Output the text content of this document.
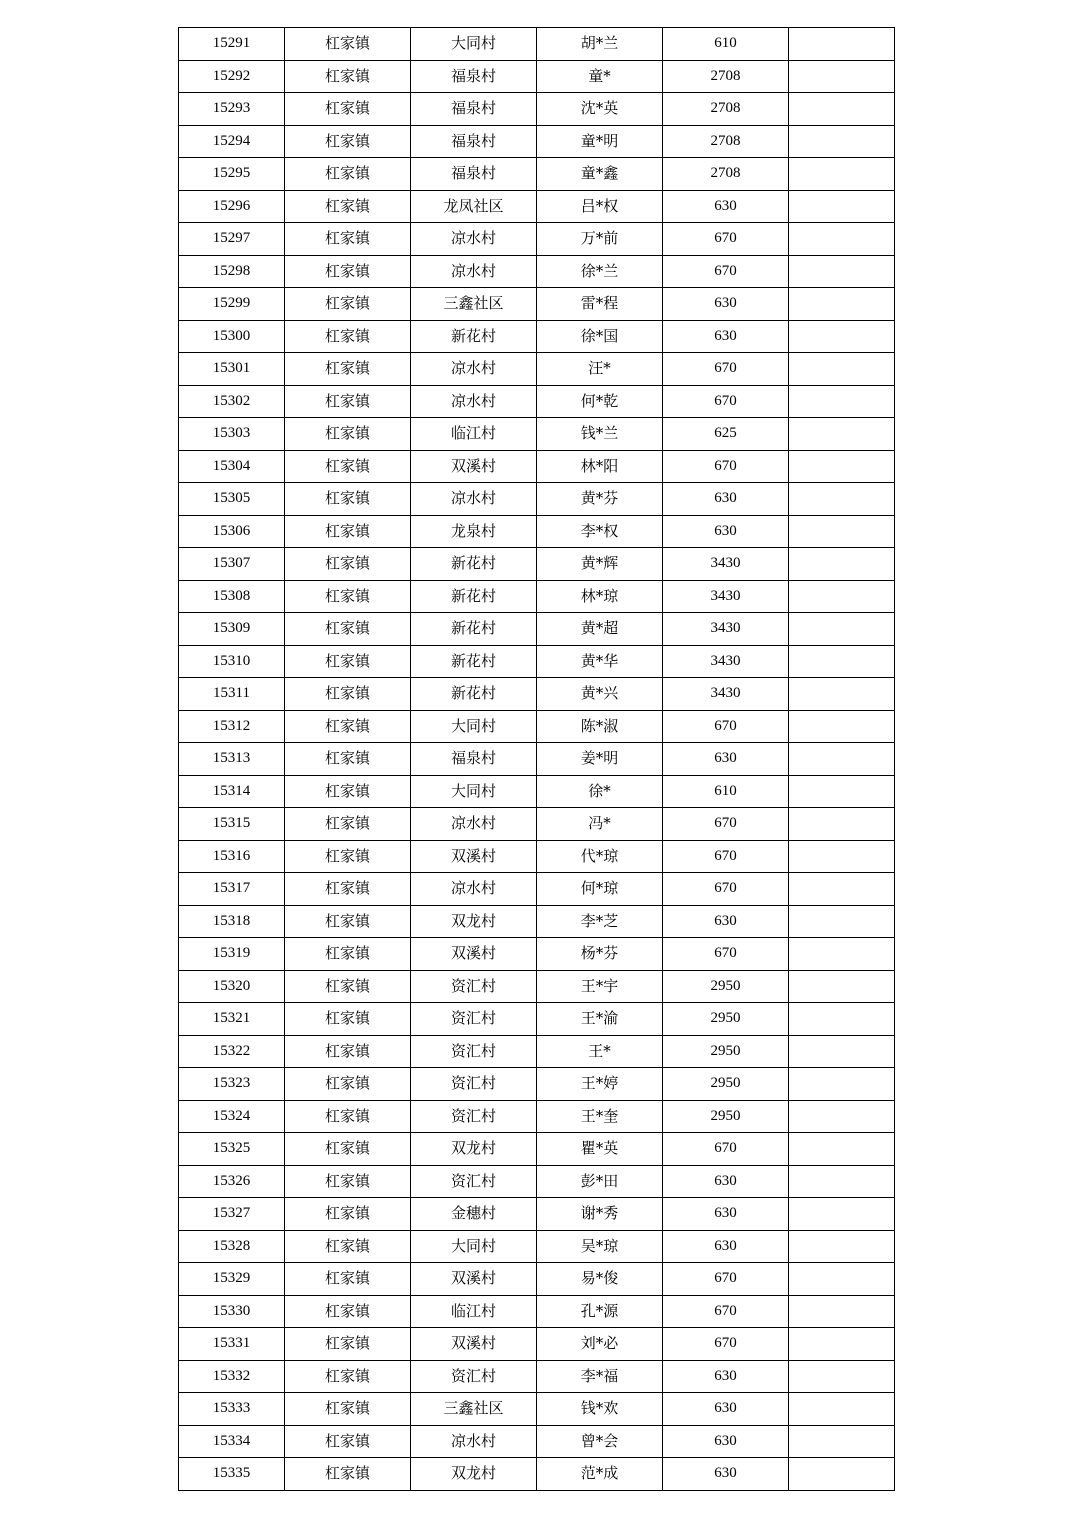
15291	杠家镇	大同村	胡*兰	610	
15292	杠家镇	福泉村	童*	2708	
15293	杠家镇	福泉村	沈*英	2708	
15294	杠家镇	福泉村	童*明	2708	
15295	杠家镇	福泉村	童*鑫	2708	
15296	杠家镇	龙凤社区	吕*权	630	
15297	杠家镇	凉水村	万*前	670	
15298	杠家镇	凉水村	徐*兰	670	
15299	杠家镇	三鑫社区	雷*程	630	
15300	杠家镇	新花村	徐*国	630	
15301	杠家镇	凉水村	汪*	670	
15302	杠家镇	凉水村	何*乾	670	
15303	杠家镇	临江村	钱*兰	625	
15304	杠家镇	双溪村	林*阳	670	
15305	杠家镇	凉水村	黄*芬	630	
15306	杠家镇	龙泉村	李*权	630	
15307	杠家镇	新花村	黄*辉	3430	
15308	杠家镇	新花村	林*琼	3430	
15309	杠家镇	新花村	黄*超	3430	
15310	杠家镇	新花村	黄*华	3430	
15311	杠家镇	新花村	黄*兴	3430	
15312	杠家镇	大同村	陈*淑	670	
15313	杠家镇	福泉村	姜*明	630	
15314	杠家镇	大同村	徐*	610	
15315	杠家镇	凉水村	冯*	670	
15316	杠家镇	双溪村	代*琼	670	
15317	杠家镇	凉水村	何*琼	670	
15318	杠家镇	双龙村	李*芝	630	
15319	杠家镇	双溪村	杨*芬	670	
15320	杠家镇	资汇村	王*宇	2950	
15321	杠家镇	资汇村	王*渝	2950	
15322	杠家镇	资汇村	王*	2950	
15323	杠家镇	资汇村	王*婷	2950	
15324	杠家镇	资汇村	王*奎	2950	
15325	杠家镇	双龙村	瞿*英	670	
15326	杠家镇	资汇村	彭*田	630	
15327	杠家镇	金穗村	谢*秀	630	
15328	杠家镇	大同村	吴*琼	630	
15329	杠家镇	双溪村	易*俊	670	
15330	杠家镇	临江村	孔*源	670	
15331	杠家镇	双溪村	刘*必	670	
15332	杠家镇	资汇村	李*福	630	
15333	杠家镇	三鑫社区	钱*欢	630	
15334	杠家镇	凉水村	曾*会	630	
15335	杠家镇	双龙村	范*成	630	
